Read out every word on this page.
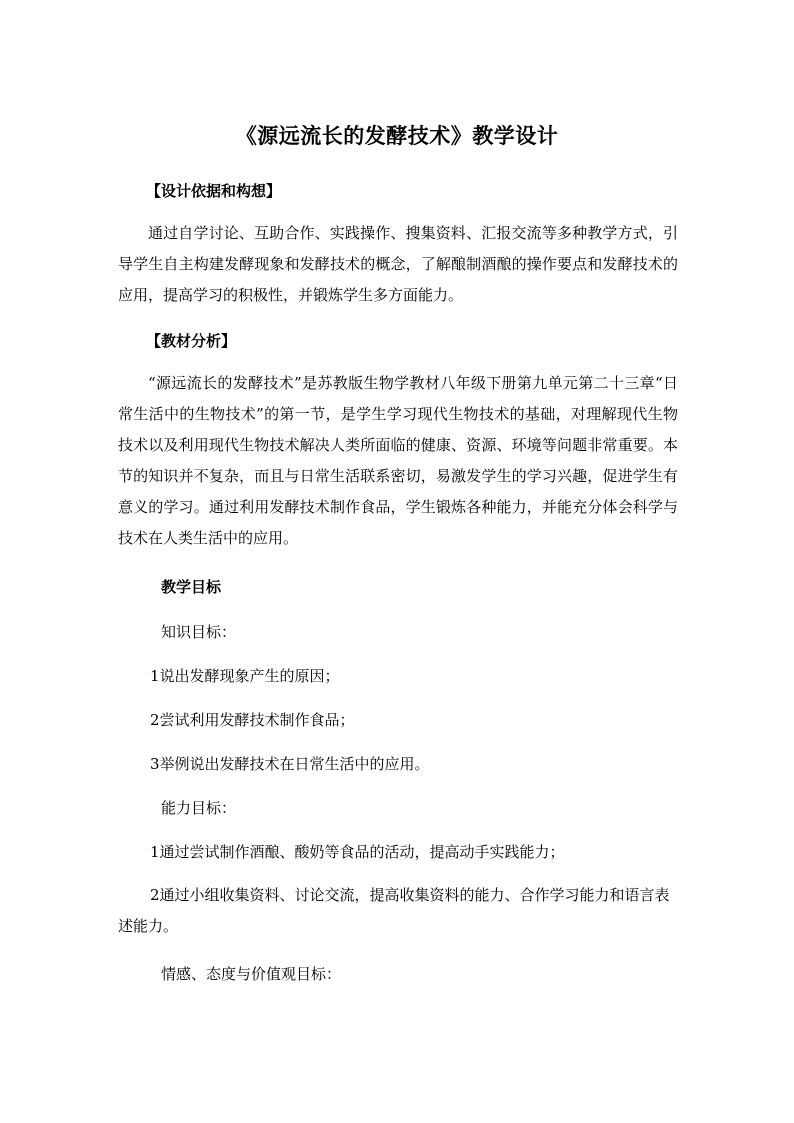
《源远流长的发酵技术》教学设计
【设计依据和构想】
通过自学讨论、互助合作、实践操作、搜集资料、汇报交流等多种教学方式，引导学生自主构建发酵现象和发酵技术的概念，了解酿制酒酿的操作要点和发酵技术的应用，提高学习的积极性，并锻炼学生多方面能力。
【教材分析】
“源远流长的发酵技术”是苏教版生物学教材八年级下册第九单元第二十三章“日常生活中的生物技术”的第一节，是学生学习现代生物技术的基础，对理解现代生物技术以及利用现代生物技术解决人类所面临的健康、资源、环境等问题非常重要。本节的知识并不复杂，而且与日常生活联系密切，易激发学生的学习兴趣，促进学生有意义的学习。通过利用发酵技术制作食品，学生锻炼各种能力，并能充分体会科学与技术在人类生活中的应用。
教学目标
知识目标：
1说出发酵现象产生的原因；
2尝试利用发酵技术制作食品；
3举例说出发酵技术在日常生活中的应用。
能力目标：
1通过尝试制作酒酿、酸奶等食品的活动，提高动手实践能力；
2通过小组收集资料、讨论交流，提高收集资料的能力、合作学习能力和语言表述能力。
情感、态度与价值观目标：
